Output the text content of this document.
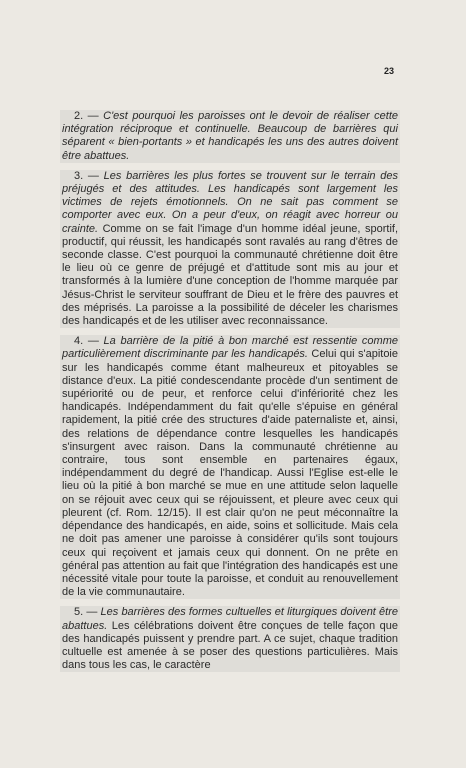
23

2. — C'est pourquoi les paroisses ont le devoir de réaliser cette intégration réciproque et continuelle. Beaucoup de barrières qui séparent « bien-portants » et handicapés les uns des autres doivent être abattues.

3. — Les barrières les plus fortes se trouvent sur le terrain des préjugés et des attitudes. Les handicapés sont largement les victimes de rejets émotionnels. On ne sait pas comment se comporter avec eux. On a peur d'eux, on réagit avec horreur ou crainte. Comme on se fait l'image d'un homme idéal jeune, sportif, productif, qui réussit, les handicapés sont ravalés au rang d'êtres de seconde classe. C'est pourquoi la communauté chrétienne doit être le lieu où ce genre de préjugé et d'attitude sont mis au jour et transformés à la lumière d'une conception de l'homme marquée par Jésus-Christ le serviteur souffrant de Dieu et le frère des pauvres et des méprisés. La paroisse a la possibilité de déceler les charismes des handicapés et de les utiliser avec reconnaissance.

4. — La barrière de la pitié à bon marché est ressentie comme particulièrement discriminante par les handicapés. Celui qui s'apitoie sur les handicapés comme étant malheureux et pitoyables se distance d'eux. La pitié condescendante procède d'un sentiment de supériorité ou de peur, et renforce celui d'infériorité chez les handicapés. Indépendamment du fait qu'elle s'épuise en général rapidement, la pitié crée des structures d'aide paternaliste et, ainsi, des relations de dépendance contre lesquelles les handicapés s'insurgent avec raison. Dans la communauté chrétienne au contraire, tous sont ensemble en partenaires égaux, indépendamment du degré de l'handicap. Aussi l'Eglise est-elle le lieu où la pitié à bon marché se mue en une attitude selon laquelle on se réjouit avec ceux qui se réjouissent, et pleure avec ceux qui pleurent (cf. Rom. 12/15). Il est clair qu'on ne peut méconnaître la dépendance des handicapés, en aide, soins et sollicitude. Mais cela ne doit pas amener une paroisse à considérer qu'ils sont toujours ceux qui reçoivent et jamais ceux qui donnent. On ne prête en général pas attention au fait que l'intégration des handicapés est une nécessité vitale pour toute la paroisse, et conduit au renouvellement de la vie communautaire.

5. — Les barrières des formes cultuelles et liturgiques doivent être abattues. Les célébrations doivent être conçues de telle façon que des handicapés puissent y prendre part. A ce sujet, chaque tradition cultuelle est amenée à se poser des questions particulières. Mais dans tous les cas, le caractère
